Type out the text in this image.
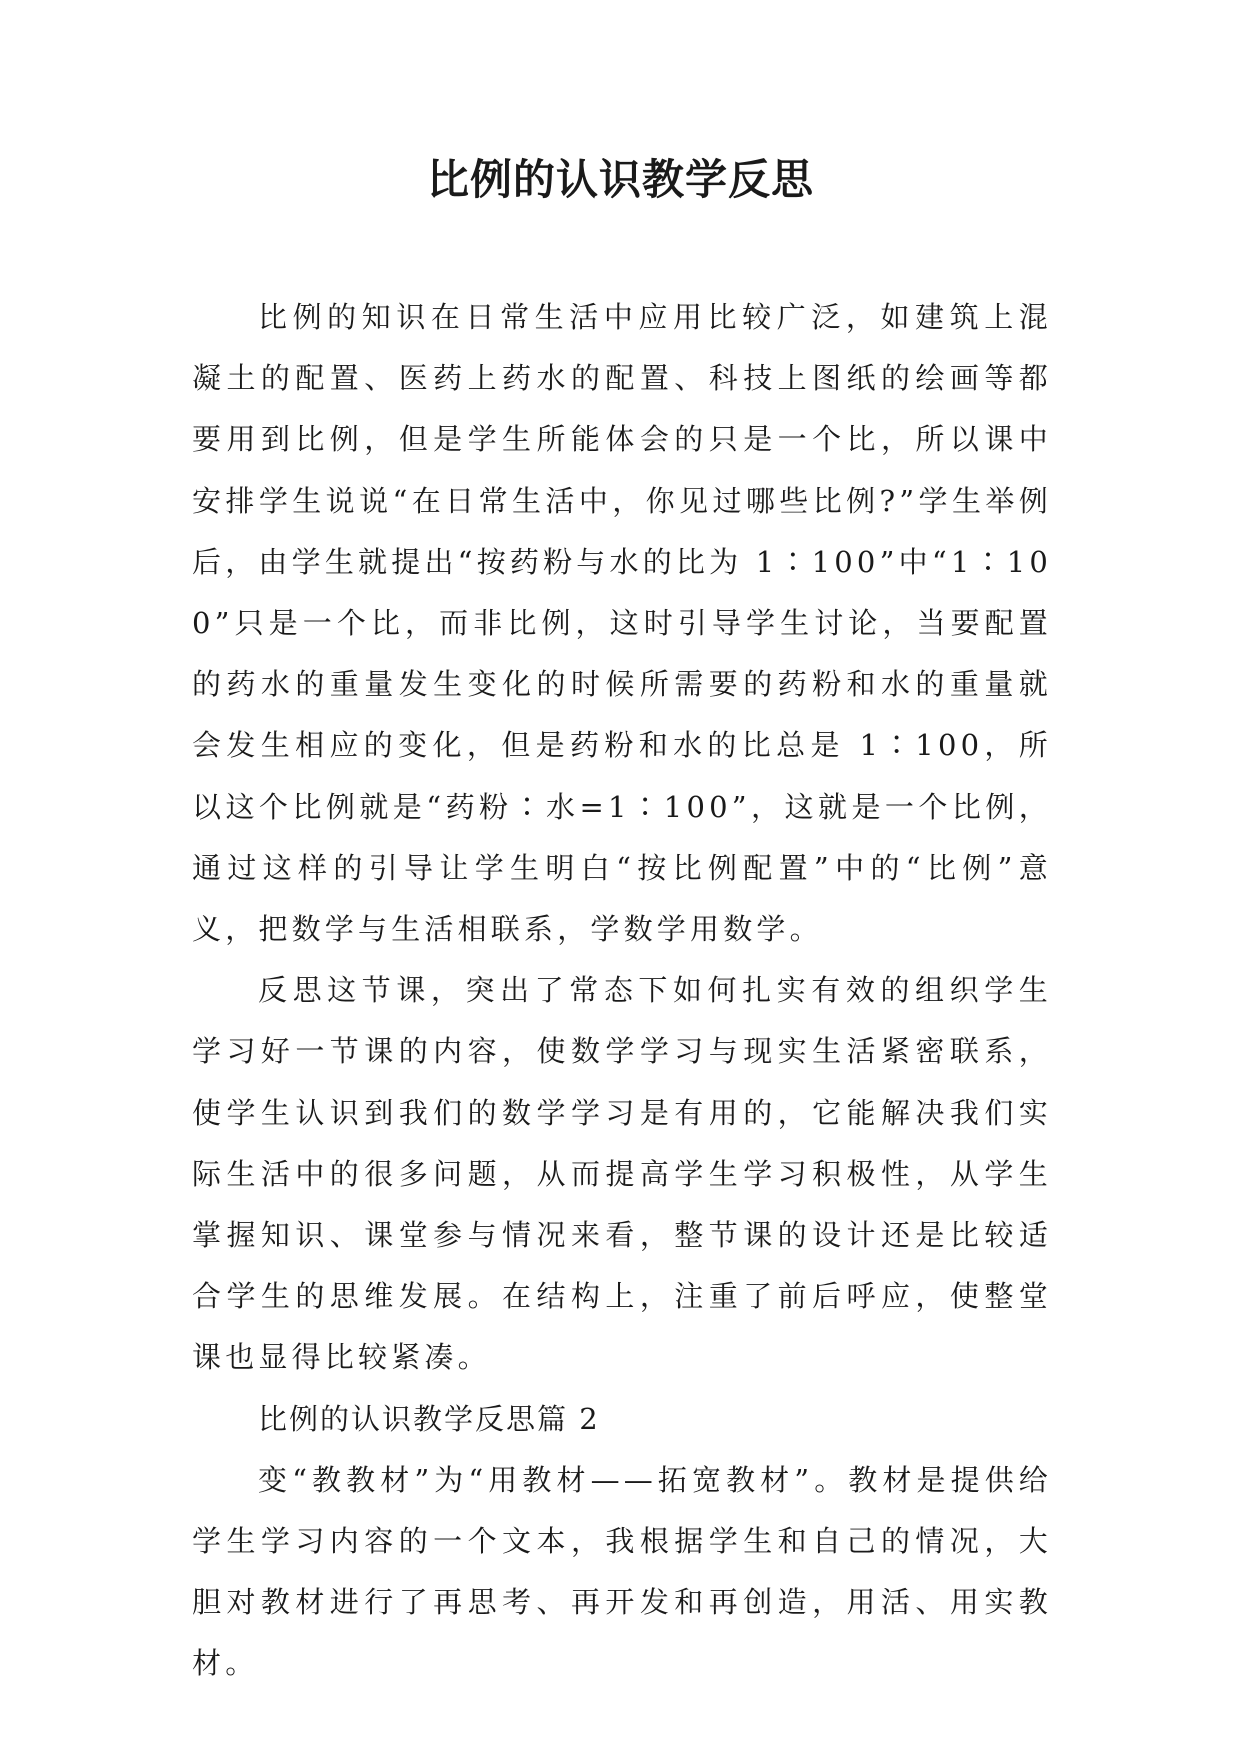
比例的认识教学反思

比例的知识在日常生活中应用比较广泛，如建筑上混凝土的配置、医药上药水的配置、科技上图纸的绘画等都要用到比例，但是学生所能体会的只是一个比，所以课中安排学生说说“在日常生活中，你见过哪些比例?”学生举例后，由学生就提出“按药粉与水的比为 1∶100”中“1∶100”只是一个比，而非比例，这时引导学生讨论，当要配置的药水的重量发生变化的时候所需要的药粉和水的重量就会发生相应的变化，但是药粉和水的比总是 1∶100，所以这个比例就是“药粉∶水=1∶100”，这就是一个比例，通过这样的引导让学生明白“按比例配置”中的“比例”意义，把数学与生活相联系，学数学用数学。

反思这节课，突出了常态下如何扎实有效的组织学生学习好一节课的内容，使数学学习与现实生活紧密联系，使学生认识到我们的数学学习是有用的，它能解决我们实际生活中的很多问题，从而提高学生学习积极性，从学生掌握知识、课堂参与情况来看，整节课的设计还是比较适合学生的思维发展。在结构上，注重了前后呼应，使整堂课也显得比较紧凑。

比例的认识教学反思篇 2

变“教教材”为“用教材——拓宽教材”。教材是提供给学生学习内容的一个文本，我根据学生和自己的情况，大胆对教材进行了再思考、再开发和再创造，用活、用实教材。
